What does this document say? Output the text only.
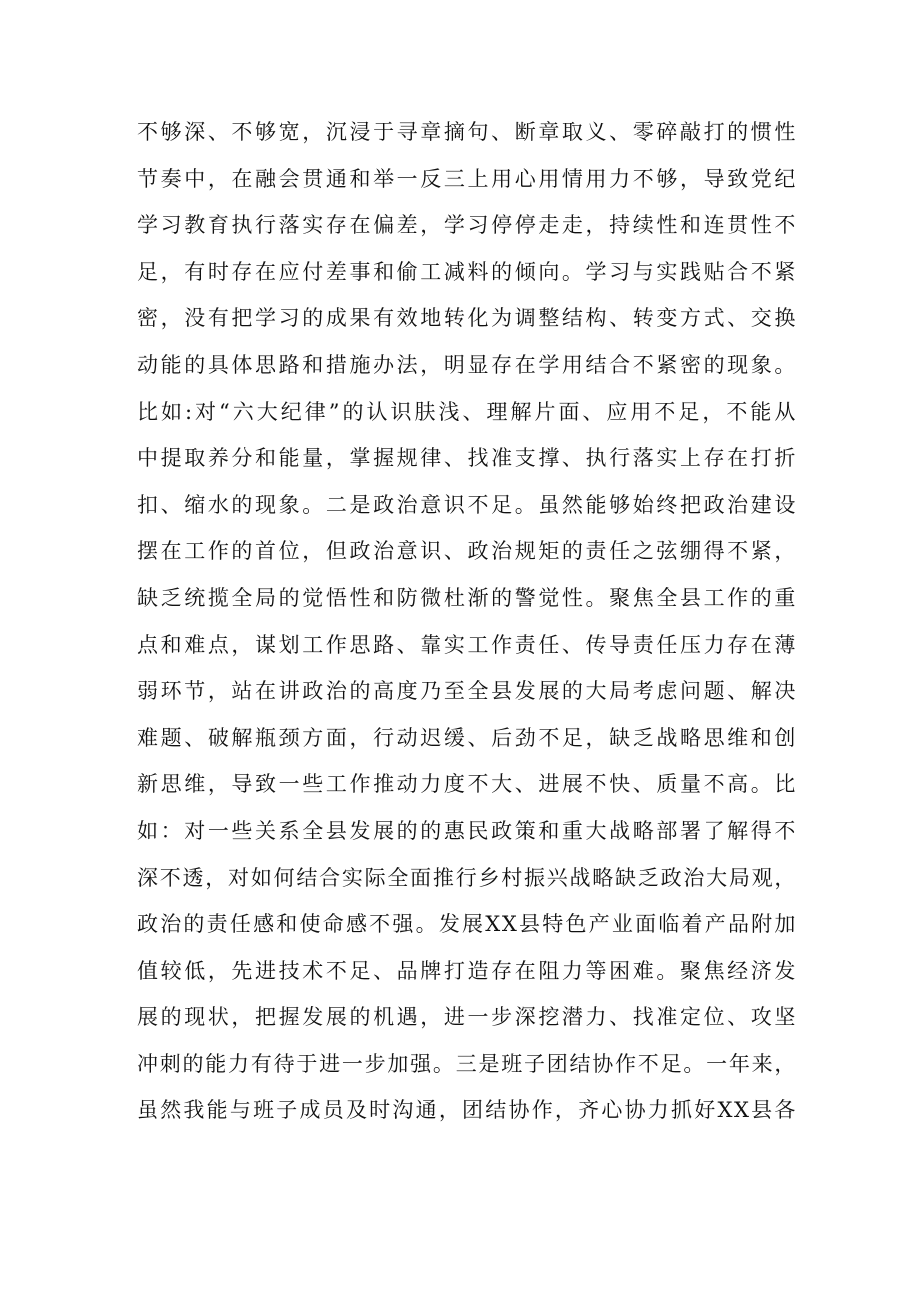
不够深、不够宽，沉浸于寻章摘句、断章取义、零碎敲打的惯性
节奏中，在融会贯通和举一反三上用心用情用力不够，导致党纪
学习教育执行落实存在偏差，学习停停走走，持续性和连贯性不
足，有时存在应付差事和偷工减料的倾向。学习与实践贴合不紧
密，没有把学习的成果有效地转化为调整结构、转变方式、交换
动能的具体思路和措施办法，明显存在学用结合不紧密的现象。
比如:对“六大纪律”的认识肤浅、理解片面、应用不足，不能从
中提取养分和能量，掌握规律、找准支撑、执行落实上存在打折
扣、缩水的现象。二是政治意识不足。虽然能够始终把政治建设
摆在工作的首位，但政治意识、政治规矩的责任之弦绷得不紧，
缺乏统揽全局的觉悟性和防微杜渐的警觉性。聚焦全县工作的重
点和难点，谋划工作思路、靠实工作责任、传导责任压力存在薄
弱环节，站在讲政治的高度乃至全县发展的大局考虑问题、解决
难题、破解瓶颈方面，行动迟缓、后劲不足，缺乏战略思维和创
新思维，导致一些工作推动力度不大、进展不快、质量不高。比
如：对一些关系全县发展的的惠民政策和重大战略部署了解得不
深不透，对如何结合实际全面推行乡村振兴战略缺乏政治大局观，
政治的责任感和使命感不强。发展XX县特色产业面临着产品附加
值较低，先进技术不足、品牌打造存在阻力等困难。聚焦经济发
展的现状，把握发展的机遇，进一步深挖潜力、找准定位、攻坚
冲刺的能力有待于进一步加强。三是班子团结协作不足。一年来，
虽然我能与班子成员及时沟通，团结协作，齐心协力抓好XX县各
